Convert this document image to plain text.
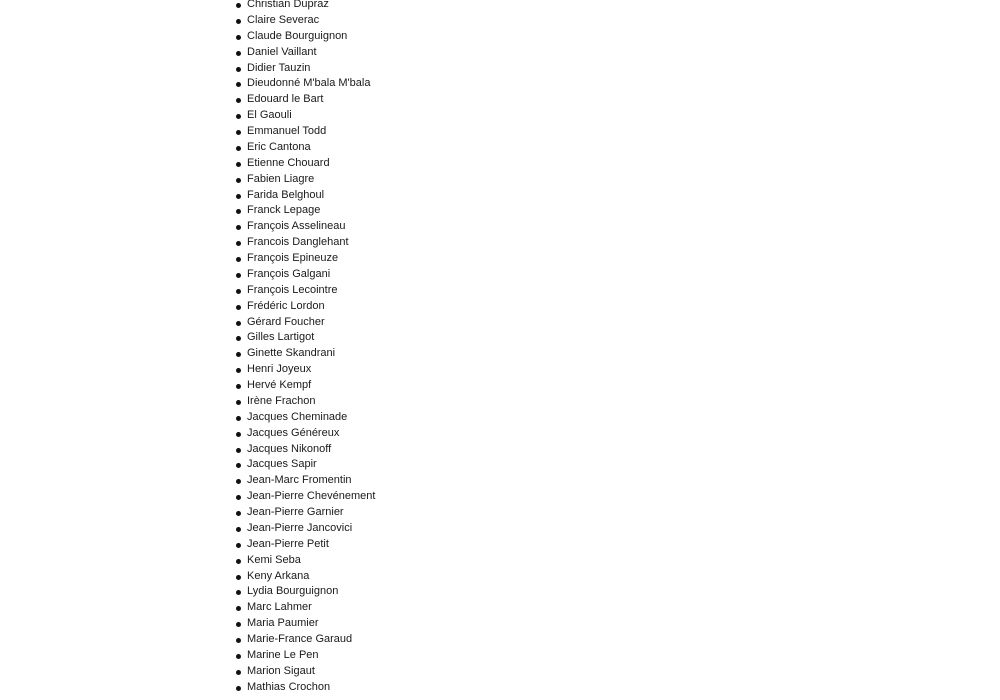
Christian Dupraz
Claire Severac
Claude Bourguignon
Daniel Vaillant
Didier Tauzin
Dieudonné M'bala M'bala
Edouard le Bart
El Gaouli
Emmanuel Todd
Eric Cantona
Etienne Chouard
Fabien Liagre
Farida Belghoul
Franck Lepage
François Asselineau
Francois Danglehant
François Epineuze
François Galgani
François Lecointre
Frédéric Lordon
Gérard Foucher
Gilles Lartigot
Ginette Skandrani
Henri Joyeux
Hervé Kempf
Irène Frachon
Jacques Cheminade
Jacques Généreux
Jacques Nikonoff
Jacques Sapir
Jean-Marc Fromentin
Jean-Pierre Chevénement
Jean-Pierre Garnier
Jean-Pierre Jancovici
Jean-Pierre Petit
Kemi Seba
Keny Arkana
Lydia Bourguignon
Marc Lahmer
Maria Paumier
Marie-France Garaud
Marine Le Pen
Marion Sigaut
Mathias Crochon
